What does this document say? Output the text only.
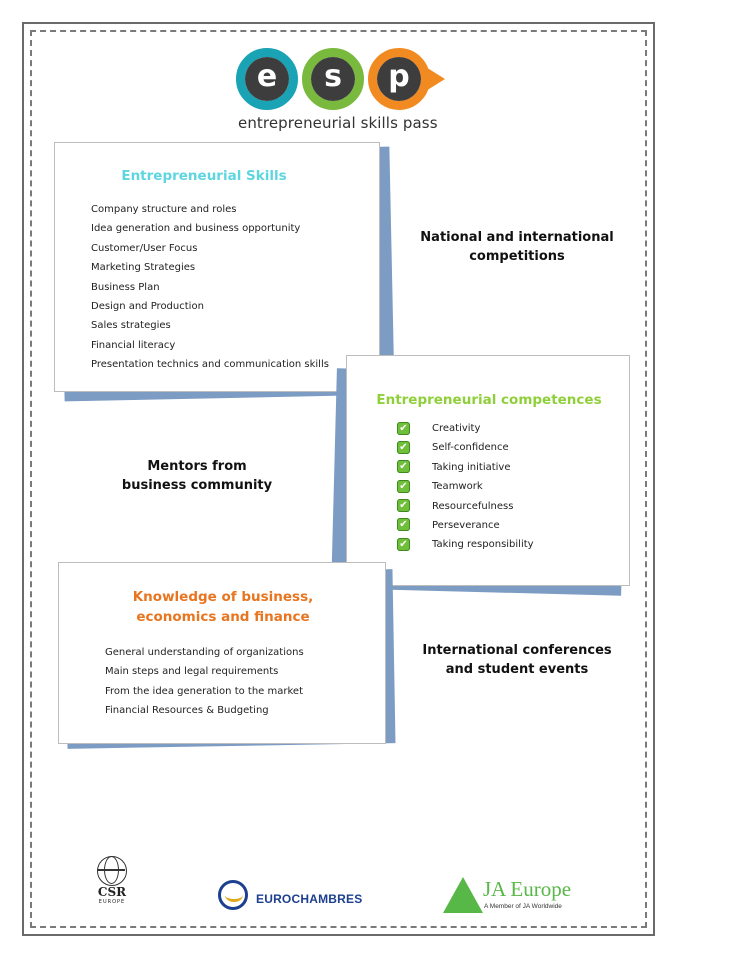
e	s	p
entrepreneurial skills pass
Entrepreneurial Skills
Company structure and roles
Idea generation and business opportunity
Customer/User Focus
Marketing Strategies
Business Plan
Design and Production
Sales strategies
Financial literacy
Presentation technics and communication skills
Entrepreneurial competences
✔ Creativity
✔ Self-confidence
✔ Taking initiative
✔ Teamwork
✔ Resourcefulness
✔ Perseverance
✔ Taking responsibility
Knowledge of business,
economics and finance
General understanding of organizations
Main steps and legal requirements
From the idea generation to the market
Financial Resources & Budgeting
National and international
competitions
Mentors from
business community
International conferences
and student events
CSR
EUROPE	EUROCHAMBRES	JA Europe
A Member of JA Worldwide
